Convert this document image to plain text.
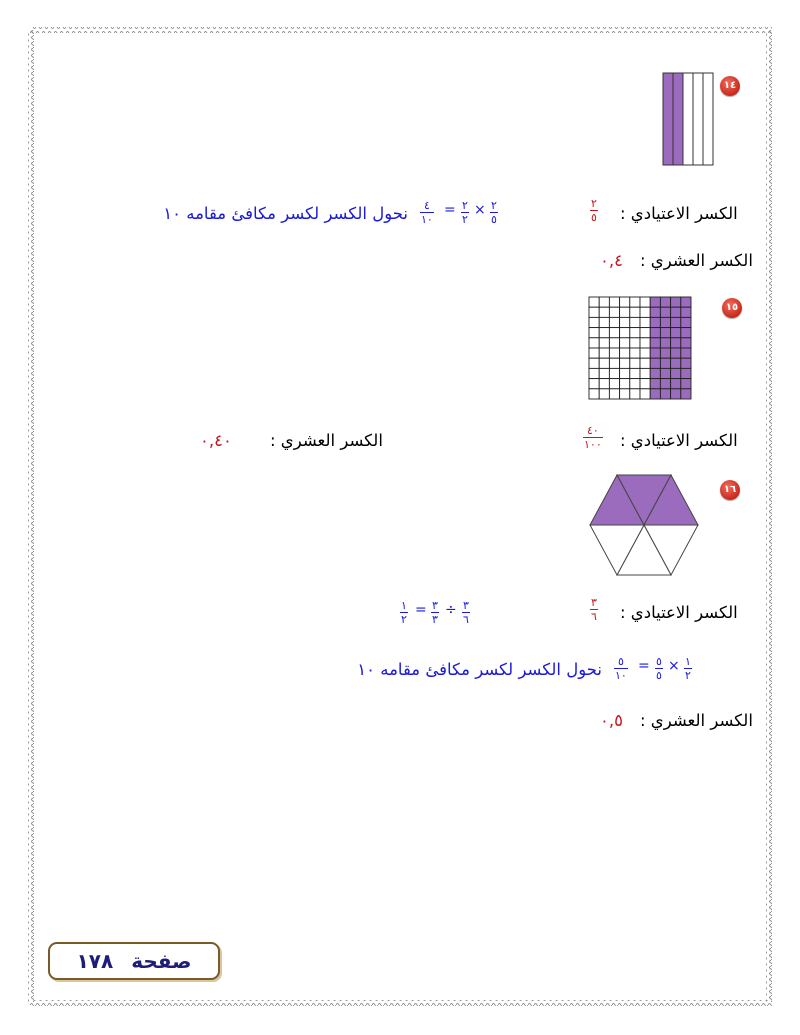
١٤
الكسر الاعتيادي :
٢
٥
٢
٥
×
٢
٢
=
٤
١٠
نحول الكسر لكسر مكافئ مقامه ١٠
الكسر العشري :
٠,٤
١٥
الكسر الاعتيادي :
٤٠
١٠٠
الكسر العشري :
٠,٤٠
١٦
الكسر الاعتيادي :
٣
٦
٣
٦
÷
٣
٣
=
١
٢
١
٢
×
٥
٥
=
٥
١٠
نحول الكسر لكسر مكافئ مقامه ١٠
الكسر العشري :
٠,٥
صفحة
١٧٨
